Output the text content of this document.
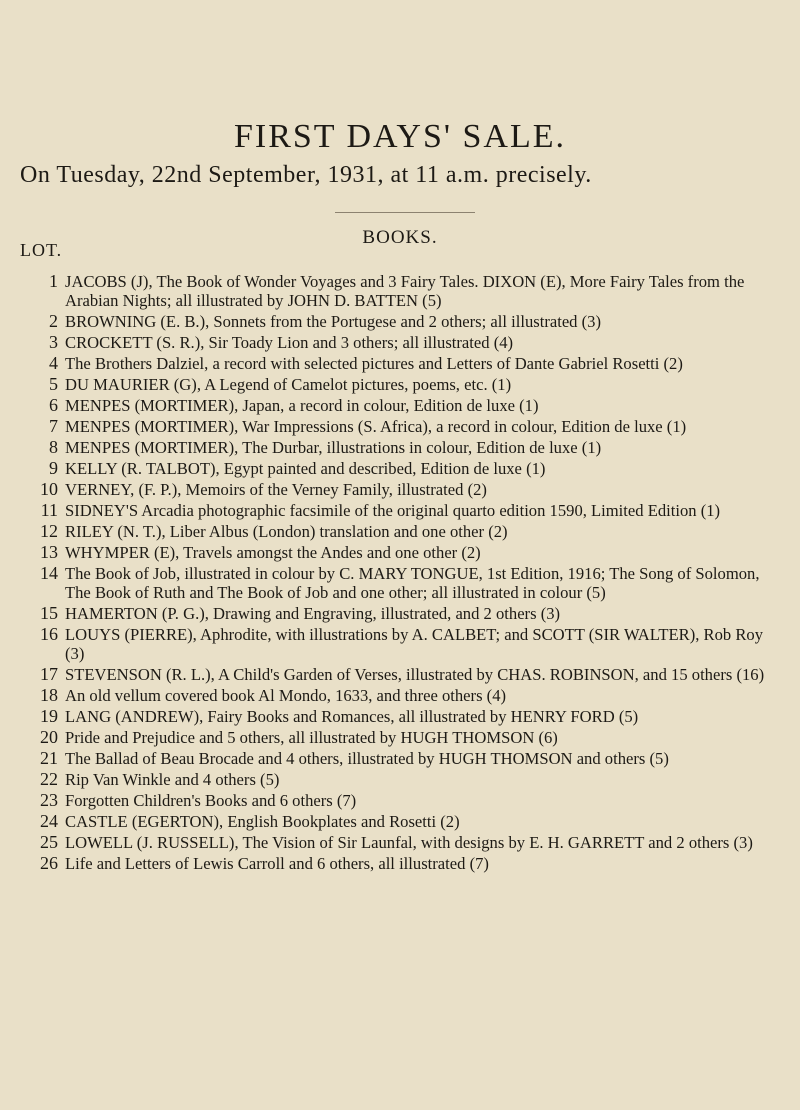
FIRST DAYS' SALE.
On Tuesday, 22nd September, 1931, at 11 a.m. precisely.
BOOKS.
LOT.
1 JACOBS (J), The Book of Wonder Voyages and 3 Fairy Tales. DIXON (E), More Fairy Tales from the Arabian Nights; all illustrated by JOHN D. BATTEN (5)
2 BROWNING (E. B.), Sonnets from the Portugese and 2 others; all illustrated (3)
3 CROCKETT (S. R.), Sir Toady Lion and 3 others; all illustrated (4)
4 The Brothers Dalziel, a record with selected pictures and Letters of Dante Gabriel Rosetti (2)
5 DU MAURIER (G), A Legend of Camelot pictures, poems, etc. (1)
6 MENPES (MORTIMER), Japan, a record in colour, Edition de luxe (1)
7 MENPES (MORTIMER), War Impressions (S. Africa), a record in colour, Edition de luxe (1)
8 MENPES (MORTIMER), The Durbar, illustrations in colour, Edition de luxe (1)
9 KELLY (R. TALBOT), Egypt painted and described, Edition de luxe (1)
10 VERNEY, (F. P.), Memoirs of the Verney Family, illustrated (2)
11 SIDNEY'S Arcadia photographic facsimile of the original quarto edition 1590, Limited Edition (1)
12 RILEY (N. T.), Liber Albus (London) translation and one other (2)
13 WHYMPER (E), Travels amongst the Andes and one other (2)
14 The Book of Job, illustrated in colour by C. MARY TONGUE, 1st Edition, 1916; The Song of Solomon, The Book of Ruth and The Book of Job and one other; all illustrated in colour (5)
15 HAMERTON (P. G.), Drawing and Engraving, illustrated, and 2 others (3)
16 LOUYS (PIERRE), Aphrodite, with illustrations by A. CALBET; and SCOTT (SIR WALTER), Rob Roy (3)
17 STEVENSON (R. L.), A Child's Garden of Verses, illustrated by CHAS. ROBINSON, and 15 others (16)
18 An old vellum covered book Al Mondo, 1633, and three others (4)
19 LANG (ANDREW), Fairy Books and Romances, all illustrated by HENRY FORD (5)
20 Pride and Prejudice and 5 others, all illustrated by HUGH THOMSON (6)
21 The Ballad of Beau Brocade and 4 others, illustrated by HUGH THOMSON and others (5)
22 Rip Van Winkle and 4 others (5)
23 Forgotten Children's Books and 6 others (7)
24 CASTLE (EGERTON), English Bookplates and Rosetti (2)
25 LOWELL (J. RUSSELL), The Vision of Sir Launfal, with designs by E. H. GARRETT and 2 others (3)
26 Life and Letters of Lewis Carroll and 6 others, all illustrated (7)
